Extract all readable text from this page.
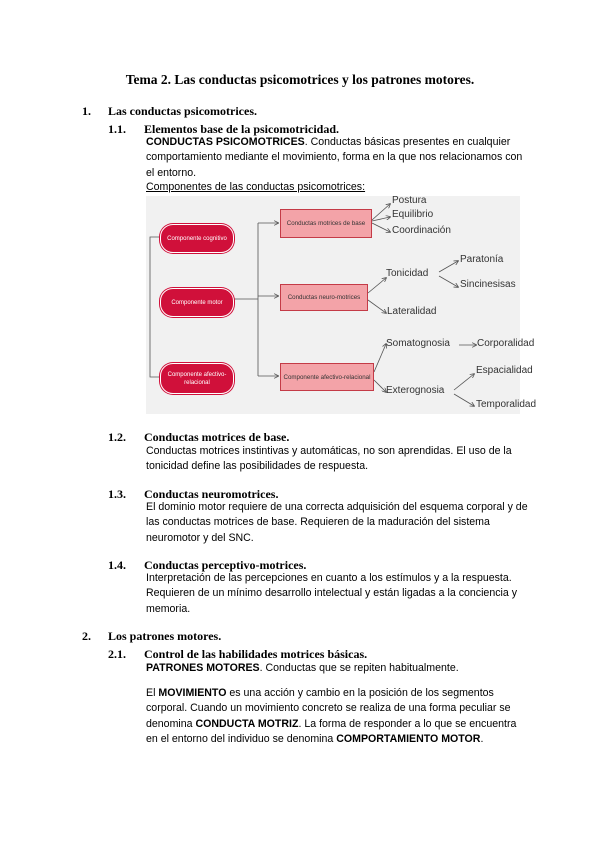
Tema 2. Las conductas psicomotrices y los patrones motores.
1. Las conductas psicomotrices.
1.1. Elementos base de la psicomotricidad.
CONDUCTAS PSICOMOTRICES. Conductas básicas presentes en cualquier comportamiento mediante el movimiento, forma en la que nos relacionamos con el entorno.
Componentes de las conductas psicomotrices:
Componente cognitivo
Componente motor
Componente afectivo-relacional
Conductas motrices de base
Conductas neuro-motrices
Componente afectivo-relacional
Postura
Equilibrio
Coordinación
Tonicidad
Paratonía
Sincinesisas
Lateralidad
Somatognosia	Corporalidad
Exterognosia
Espacialidad
Temporalidad
1.2. Conductas motrices de base.
Conductas motrices instintivas y automáticas, no son aprendidas. El uso de la tonicidad define las posibilidades de respuesta.
1.3. Conductas neuromotrices.
El dominio motor requiere de una correcta adquisición del esquema corporal y de las conductas motrices de base. Requieren de la maduración del sistema neuromotor y del SNC.
1.4. Conductas perceptivo-motrices.
Interpretación de las percepciones en cuanto a los estímulos y a la respuesta. Requieren de un mínimo desarrollo intelectual y están ligadas a la conciencia y memoria.
2. Los patrones motores.
2.1. Control de las habilidades motrices básicas.
PATRONES MOTORES. Conductas que se repiten habitualmente.
El MOVIMIENTO es una acción y cambio en la posición de los segmentos corporal. Cuando un movimiento concreto se realiza de una forma peculiar se denomina CONDUCTA MOTRIZ. La forma de responder a lo que se encuentra en el entorno del individuo se denomina COMPORTAMIENTO MOTOR.
